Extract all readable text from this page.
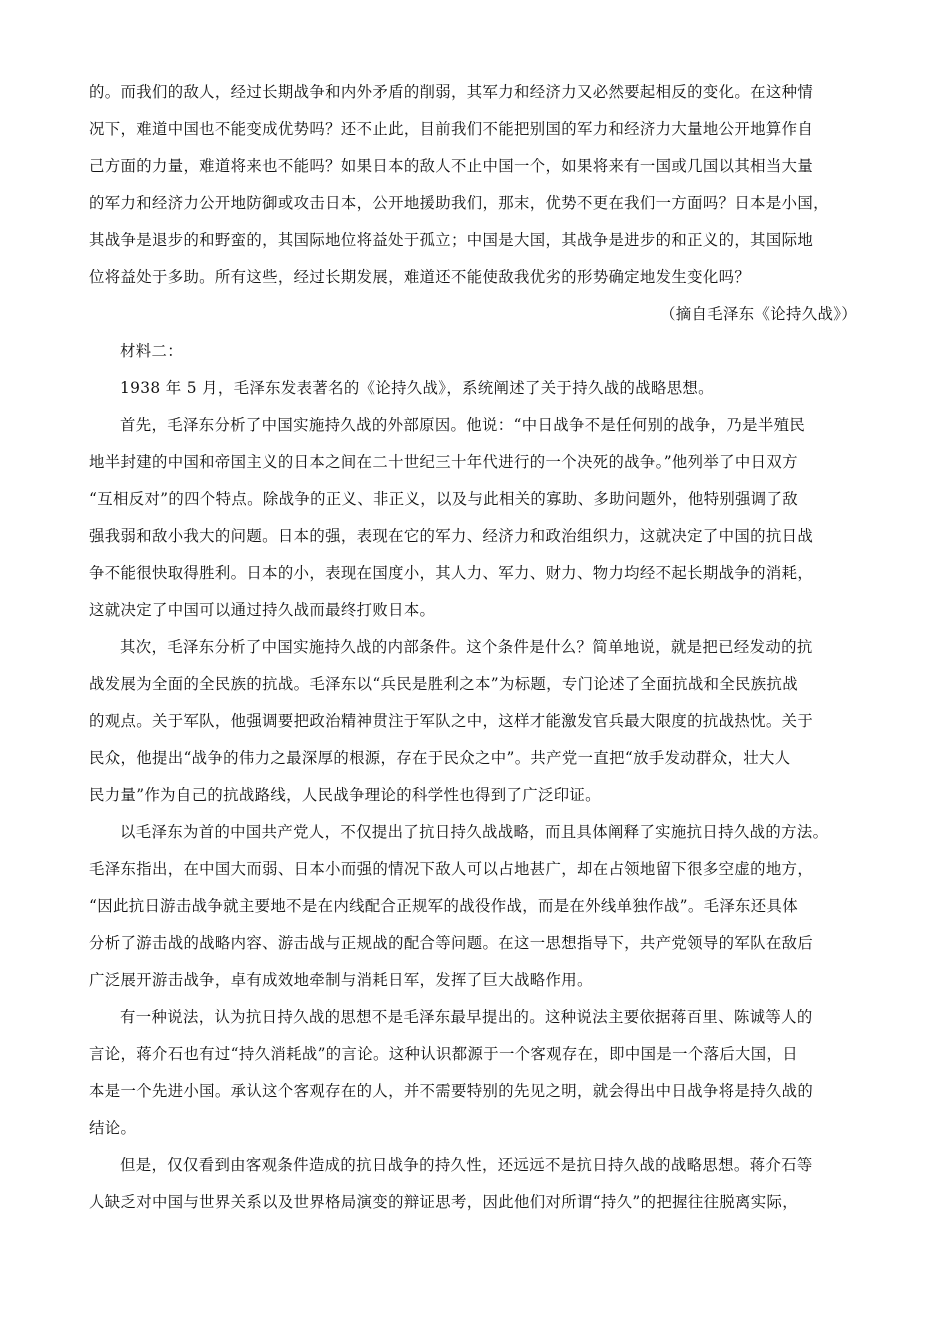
的。而我们的敌人，经过长期战争和内外矛盾的削弱，其军力和经济力又必然要起相反的变化。在这种情
况下，难道中国也不能变成优势吗？还不止此，目前我们不能把别国的军力和经济力大量地公开地算作自
己方面的力量，难道将来也不能吗？如果日本的敌人不止中国一个，如果将来有一国或几国以其相当大量
的军力和经济力公开地防御或攻击日本，公开地援助我们，那末，优势不更在我们一方面吗？日本是小国，
其战争是退步的和野蛮的，其国际地位将益处于孤立；中国是大国，其战争是进步的和正义的，其国际地
位将益处于多助。所有这些，经过长期发展，难道还不能使敌我优劣的形势确定地发生变化吗？
（摘自毛泽东《论持久战》）
材料二：
1938 年 5 月，毛泽东发表著名的《论持久战》，系统阐述了关于持久战的战略思想。
首先，毛泽东分析了中国实施持久战的外部原因。他说：“中日战争不是任何别的战争，乃是半殖民
地半封建的中国和帝国主义的日本之间在二十世纪三十年代进行的一个决死的战争。”他列举了中日双方
“互相反对”的四个特点。除战争的正义、非正义，以及与此相关的寡助、多助问题外，他特别强调了敌
强我弱和敌小我大的问题。日本的强，表现在它的军力、经济力和政治组织力，这就决定了中国的抗日战
争不能很快取得胜利。日本的小，表现在国度小，其人力、军力、财力、物力均经不起长期战争的消耗，
这就决定了中国可以通过持久战而最终打败日本。
其次，毛泽东分析了中国实施持久战的内部条件。这个条件是什么？简单地说，就是把已经发动的抗
战发展为全面的全民族的抗战。毛泽东以“兵民是胜利之本”为标题，专门论述了全面抗战和全民族抗战
的观点。关于军队，他强调要把政治精神贯注于军队之中，这样才能激发官兵最大限度的抗战热忱。关于
民众，他提出“战争的伟力之最深厚的根源，存在于民众之中”。共产党一直把“放手发动群众，壮大人
民力量”作为自己的抗战路线，人民战争理论的科学性也得到了广泛印证。
以毛泽东为首的中国共产党人，不仅提出了抗日持久战战略，而且具体阐释了实施抗日持久战的方法。
毛泽东指出，在中国大而弱、日本小而强的情况下敌人可以占地甚广，却在占领地留下很多空虚的地方，
“因此抗日游击战争就主要地不是在内线配合正规军的战役作战，而是在外线单独作战”。毛泽东还具体
分析了游击战的战略内容、游击战与正规战的配合等问题。在这一思想指导下，共产党领导的军队在敌后
广泛展开游击战争，卓有成效地牵制与消耗日军，发挥了巨大战略作用。
有一种说法，认为抗日持久战的思想不是毛泽东最早提出的。这种说法主要依据蒋百里、陈诚等人的
言论，蒋介石也有过“持久消耗战”的言论。这种认识都源于一个客观存在，即中国是一个落后大国，日
本是一个先进小国。承认这个客观存在的人，并不需要特别的先见之明，就会得出中日战争将是持久战的
结论。
但是，仅仅看到由客观条件造成的抗日战争的持久性，还远远不是抗日持久战的战略思想。蒋介石等
人缺乏对中国与世界关系以及世界格局演变的辩证思考，因此他们对所谓“持久”的把握往往脱离实际，
